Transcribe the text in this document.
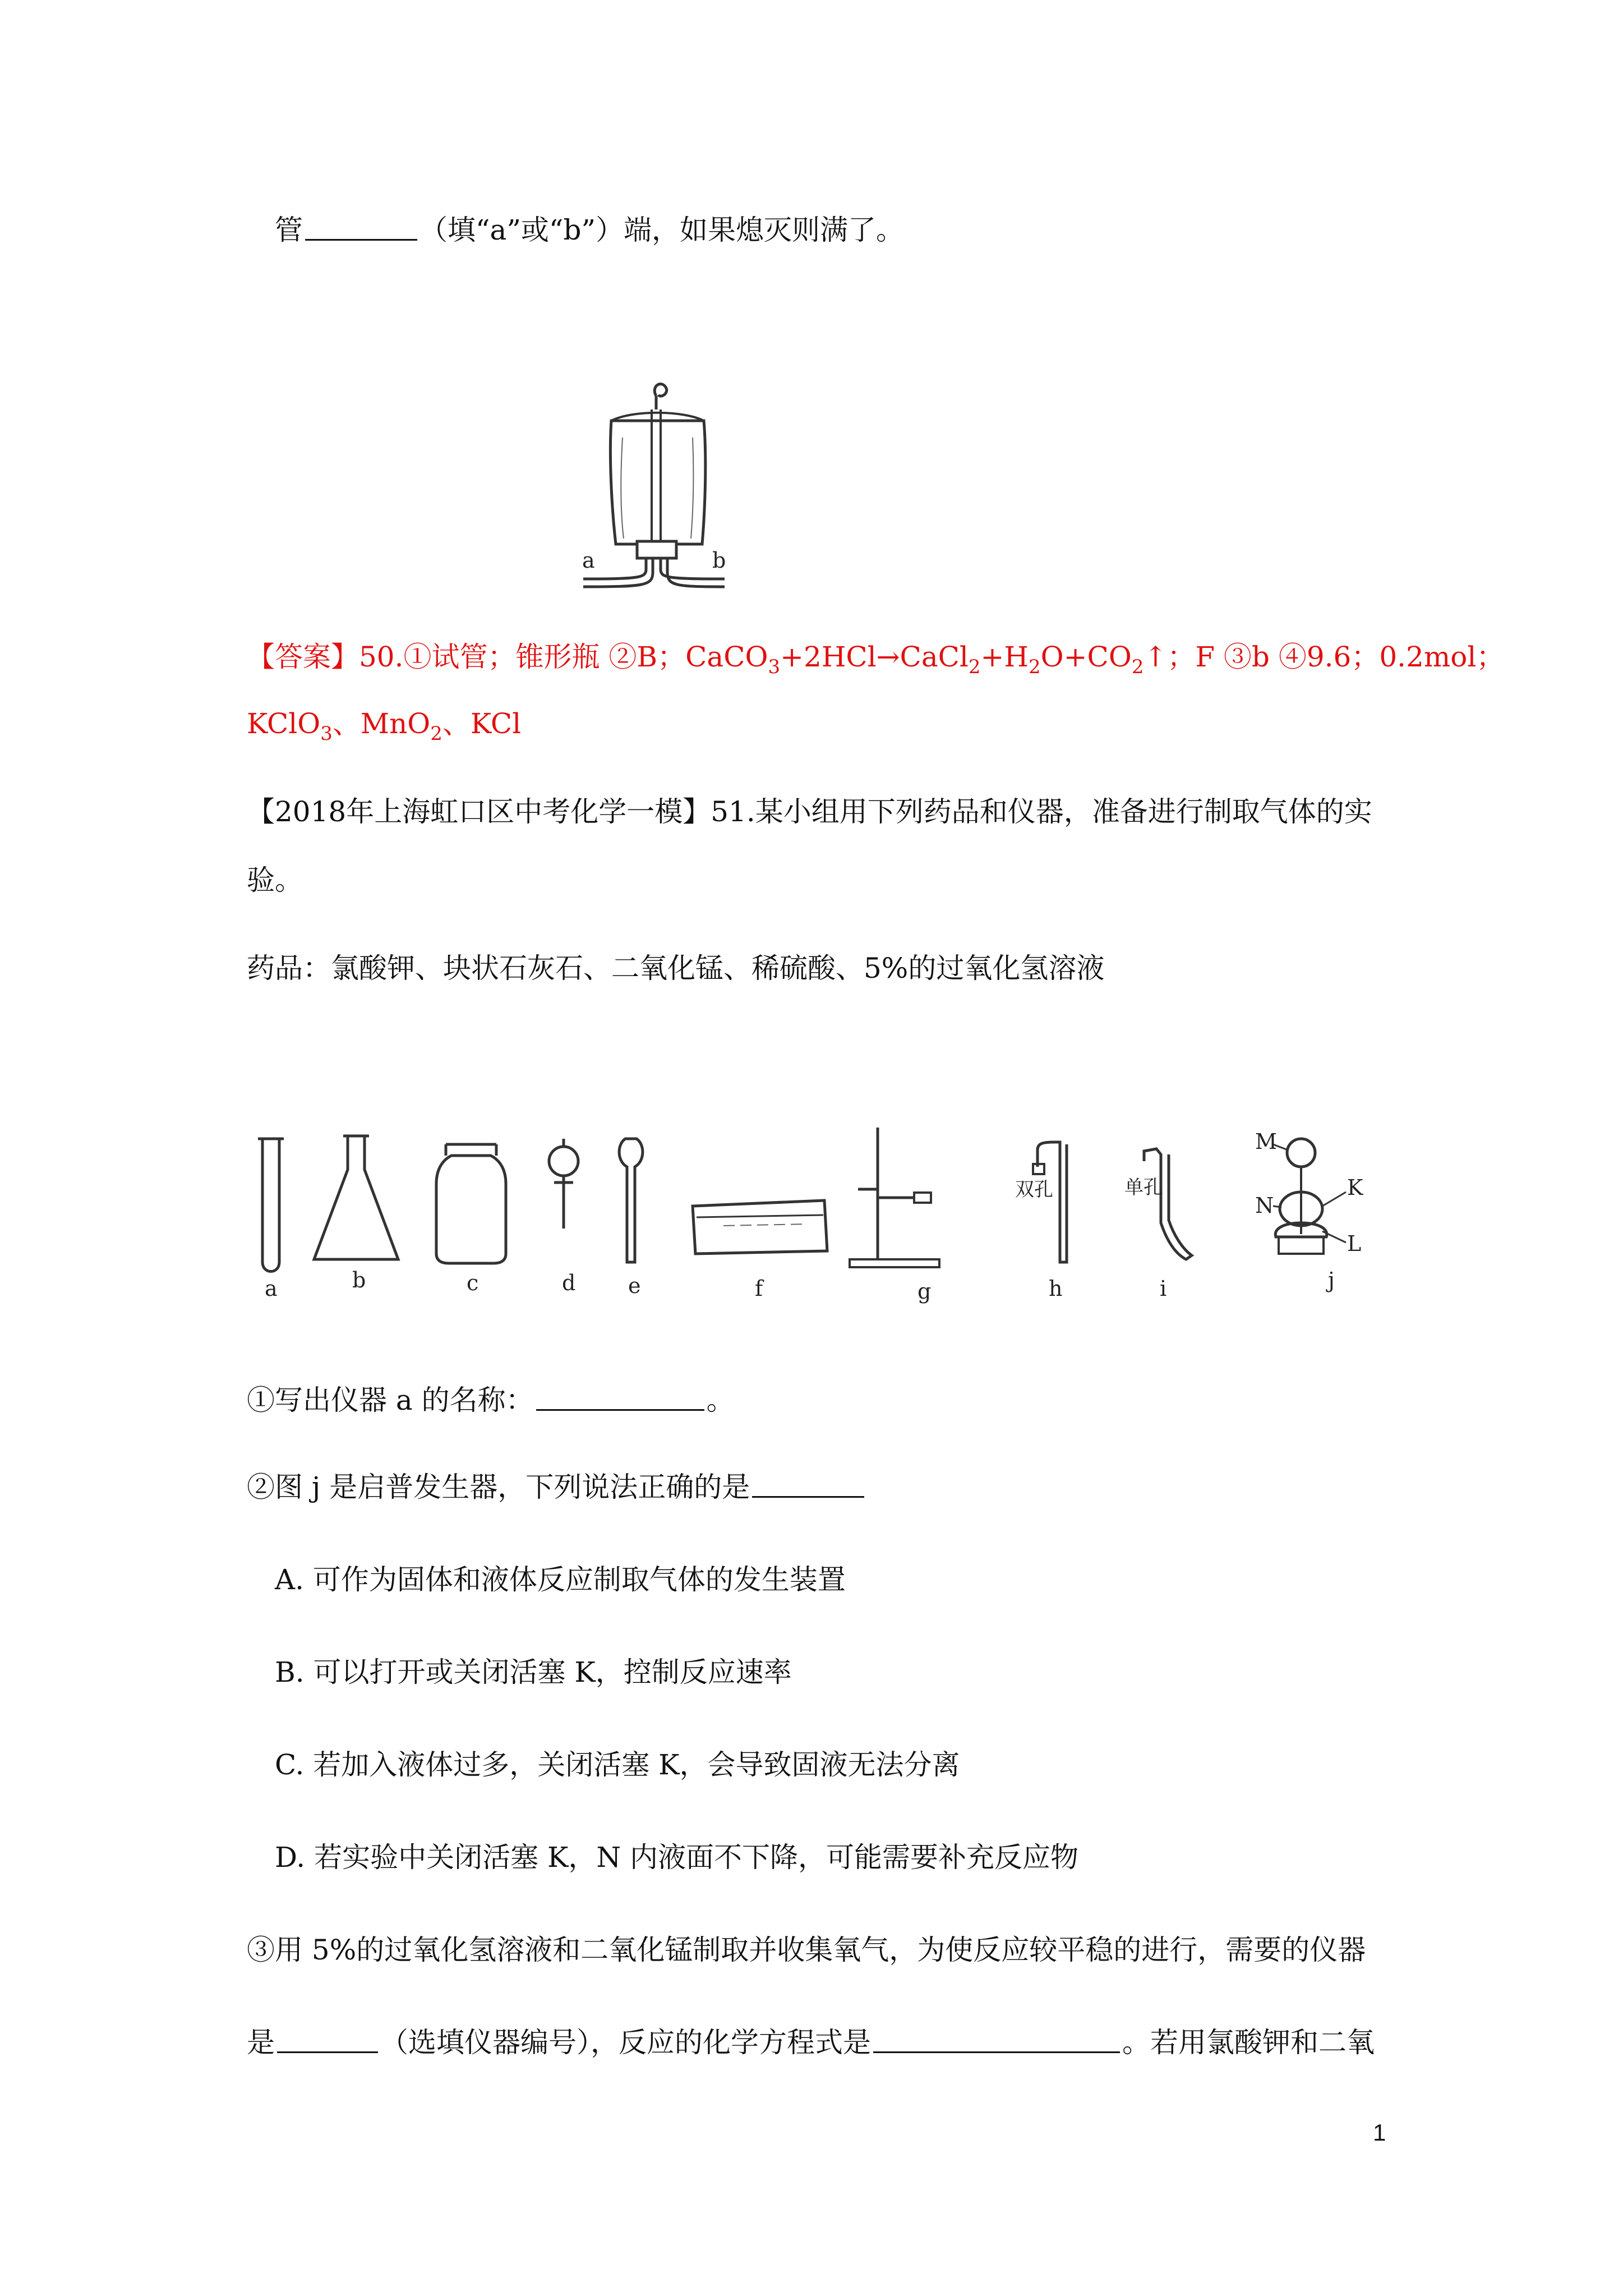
管	（填“a”或“b”）端，如果熄灭则满了。
a	b
【答案】50.①试管；锥形瓶 ②B；$CaCO_3+2HCl\to CaCl_2+H_2O+CO_2↑$；F ③b ④9.6；0.2mol；
KClO$_3$、MnO$_2$、KCl
【2018年上海虹口区中考化学一模】51.某小组用下列药品和仪器，准备进行制取气体的实
验。
药品：氯酸钾、块状石灰石、二氧化锰、稀硫酸、5%的过氧化氢溶液
双孔	单孔
M
N
K
L
a	b	c	d e	f	g	h	i	j
①写出仪器 a 的名称：	。
②图 j 是启普发生器，下列说法正确的是
A. 可作为固体和液体反应制取气体的发生装置
B. 可以打开或关闭活塞 K，控制反应速率
C. 若加入液体过多，关闭活塞 K，会导致固液无法分离
D. 若实验中关闭活塞 K，N 内液面不下降，可能需要补充反应物
③用 5%的过氧化氢溶液和二氧化锰制取并收集氧气，为使反应较平稳的进行，需要的仪器
是	（选填仪器编号），反应的化学方程式是	。若用氯酸钾和二氧
1
